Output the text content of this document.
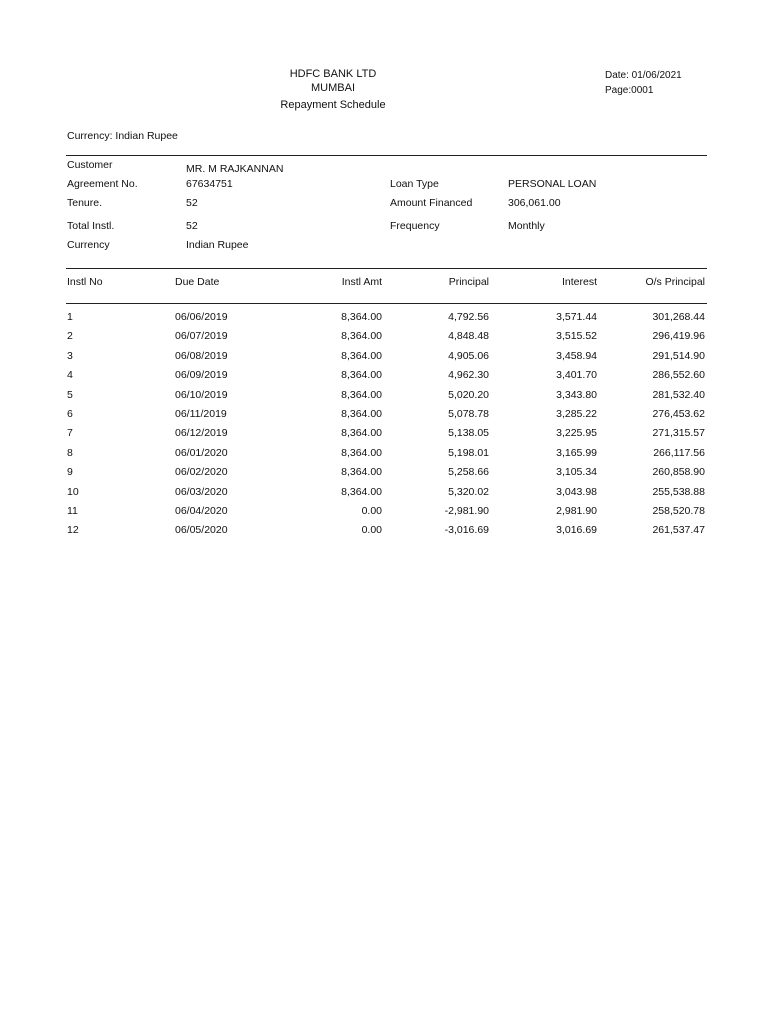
HDFC BANK LTD
MUMBAI
Repayment Schedule
Date: 01/06/2021
Page:0001
Currency: Indian Rupee
Customer	MR. M RAJKANNAN
Agreement No.	67634751	Loan Type	PERSONAL LOAN
Tenure.	52	Amount Financed	306,061.00
Total Instl.	52	Frequency	Monthly
Currency	Indian Rupee
Instl No	Due Date	Instl Amt	Principal	Interest	O/s Principal
1	06/06/2019	8,364.00	4,792.56	3,571.44	301,268.44
2	06/07/2019	8,364.00	4,848.48	3,515.52	296,419.96
3	06/08/2019	8,364.00	4,905.06	3,458.94	291,514.90
4	06/09/2019	8,364.00	4,962.30	3,401.70	286,552.60
5	06/10/2019	8,364.00	5,020.20	3,343.80	281,532.40
6	06/11/2019	8,364.00	5,078.78	3,285.22	276,453.62
7	06/12/2019	8,364.00	5,138.05	3,225.95	271,315.57
8	06/01/2020	8,364.00	5,198.01	3,165.99	266,117.56
9	06/02/2020	8,364.00	5,258.66	3,105.34	260,858.90
10	06/03/2020	8,364.00	5,320.02	3,043.98	255,538.88
11	06/04/2020	0.00	-2,981.90	2,981.90	258,520.78
12	06/05/2020	0.00	-3,016.69	3,016.69	261,537.47
